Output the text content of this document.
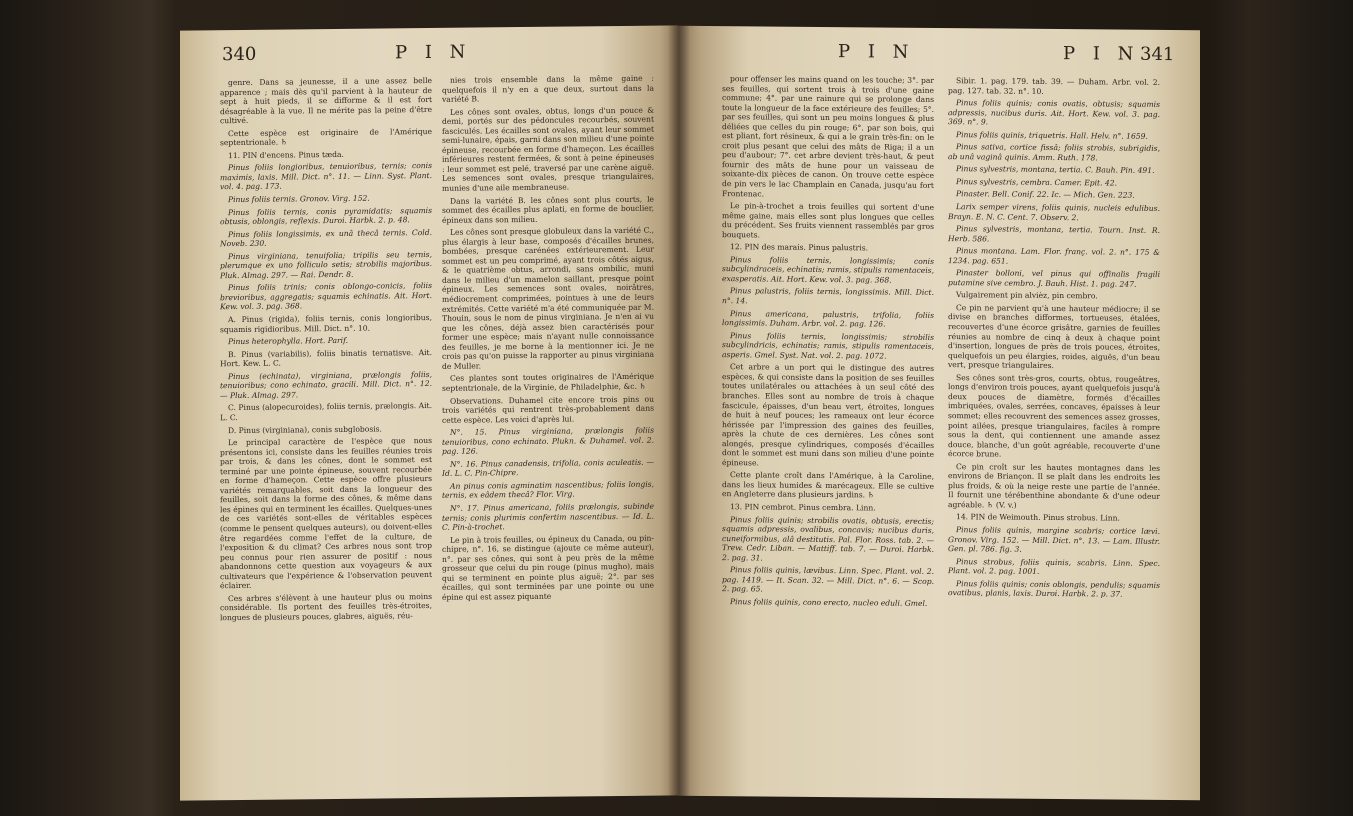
340	P I N

genre. Dans sa jeunesse, il a une assez belle apparence ; mais dès qu'il parvient à la hauteur de sept à huit pieds, il se difforme & il est fort désagréable à la vue. Il ne mérite pas la peine d'être cultivé.

Cette espèce est originaire de l'Amérique septentrionale. ♄

11. PIN d'encens. Pinus tæda.

Pinus foliis longioribus, tenuioribus, ternis; conis maximis, laxis. Mill. Dict. n°. 11. — Linn. Syst. Plant. vol. 4. pag. 173.

Pinus foliis ternis. Gronov. Virg. 152.

Pinus foliis ternis, conis pyramidatis; squamis obtusis, oblongis, reflexis. Duroi. Harbk. 2. p. 48.

Pinus foliis longissimis, ex unâ thecâ ternis. Cold. Noveb. 230.

Pinus virginiana, tenuifolia; tripilis seu ternis, plerumque ex uno folliculo setis; strobilis majoribus. Pluk. Almag. 297. — Rai. Dendr. 8.

Pinus foliis trinis; conis oblongo-conicis, foliis brevioribus, aggregatis; squamis echinatis. Ait. Hort. Kew. vol. 3. pag. 368.

A. Pinus (rigida), foliis ternis, conis longioribus, squamis rigidioribus. Mill. Dict. n°. 10.

Pinus heterophylla. Hort. Parif.

B. Pinus (variabilis), foliis binatis ternatisve. Ait. Hort. Kew. L. C.

Pinus (echinata), virginiana, prælongis foliis, tenuioribus; cono echinato, gracili. Mill. Dict. n°. 12. — Pluk. Almag. 297.

C. Pinus (alopecuroides), foliis ternis, prælongis. Ait. L. C.

D. Pinus (virginiana), conis subglobosis.

Le principal caractère de l'espèce que nous présentons ici, consiste dans les feuilles réunies trois par trois, & dans les cônes, dont le sommet est terminé par une pointe épineuse, souvent recourbée en forme d'hameçon. Cette espèce offre plusieurs variétés remarquables, soit dans la longueur des feuilles, soit dans la forme des cônes, & même dans les épines qui en terminent les écailles. Quelques-unes de ces variétés sont-elles de véritables espèces (comme le pensent quelques auteurs), ou doivent-elles être regardées comme l'effet de la culture, de l'exposition & du climat? Ces arbres nous sont trop peu connus pour rien assurer de positif : nous abandonnons cette question aux voyageurs & aux cultivateurs que l'expérience & l'observation peuvent éclairer.

Ces arbres s'élèvent à une hauteur plus ou moins considérable. Ils portent des feuilles très-étroites, longues de plusieurs pouces, glabres, aiguës, réu-

nies trois ensemble dans la même gaine : quelquefois il n'y en a que deux, surtout dans la variété B.

Les cônes sont ovales, obtus, longs d'un pouce & demi, portés sur des pédoncules recourbés, souvent fasciculés. Les écailles sont ovales, ayant leur sommet semi-lunaire, épais, garni dans son milieu d'une pointe épineuse, recourbée en forme d'hameçon. Les écailles inférieures restent fermées, & sont à peine épineuses : leur sommet est pelé, traversé par une carène aiguë. Les semences sont ovales, presque triangulaires, munies d'une aile membraneuse.

Dans la variété B. les cônes sont plus courts, le sommet des écailles plus aplati, en forme de bouclier, épineux dans son milieu.

Les cônes sont presque globuleux dans la variété C., plus élargis à leur base, composés d'écailles brunes, bombées, presque carénées extérieurement. Leur sommet est un peu comprimé, ayant trois côtés aigus, & le quatrième obtus, arrondi, sans ombilic, muni dans le milieu d'un mamelon saillant, presque point épineux. Les semences sont ovales, noirâtres, médiocrement comprimées, pointues à une de leurs extrémités. Cette variété m'a été communiquée par M. Thouin, sous le nom de pinus virginiana. Je n'en ai vu que les cônes, déjà assez bien caractérisés pour former une espèce; mais n'ayant nulle connoissance des feuilles, je me borne à la mentionner ici. Je ne crois pas qu'on puisse la rapporter au pinus virginiana de Muller.

Ces plantes sont toutes originaires de l'Amérique septentrionale, de la Virginie, de Philadelphie, &c. ♄

Observations. Duhamel cite encore trois pins ou trois variétés qui rentrent très-probablement dans cette espèce. Les voici d'après lui.

N°. 15. Pinus virginiana, prælongis foliis tenuioribus, cono echinato. Plukn. & Duhamel. vol. 2. pag. 126.

N°. 16. Pinus canadensis, trifolia, conis aculeatis. — Id. L. C. Pin-Chipre.

An pinus conis agminatim nascentibus; foliis longis, ternis, ex eâdem thecâ? Flor. Virg.

N°. 17. Pinus americana, foliis prælongis, subinde ternis; conis plurimis confertim nascentibus. — Id. L. C. Pin-à-trochet.

Le pin à trois feuilles, ou épineux du Canada, ou pin-chipre, n°. 16, se distingue (ajoute ce même auteur), n°. par ses cônes, qui sont à peu près de la même grosseur que celui du pin rouge (pinus mugho), mais qui se terminent en pointe plus aiguë; 2°. par ses écailles, qui sont terminées par une pointe ou une épine qui est assez piquante

P I N	P I N 341

pour offenser les mains quand on les touche; 3°. par ses feuilles, qui sortent trois à trois d'une gaine commune; 4°. par une rainure qui se prolonge dans toute la longueur de la face extérieure des feuilles; 5°. par ses feuilles, qui sont un peu moins longues & plus déliées que celles du pin rouge; 6°. par son bois, qui est pliant, fort résineux, & qui a le grain très-fin: on le croit plus pesant que celui des mâts de Riga; il a un peu d'aubour; 7°. cet arbre devient très-haut, & peut fournir des mâts de hune pour un vaisseau de soixante-dix pièces de canon. On trouve cette espèce de pin vers le lac Champlain en Canada, jusqu'au fort Frontenac.

Le pin-à-trochet a trois feuilles qui sortent d'une même gaine, mais elles sont plus longues que celles du précédent. Ses fruits viennent rassemblés par gros bouquets.

12. PIN des marais. Pinus palustris.

Pinus foliis ternis, longissimis; conis subcylindraceis, echinatis; ramis, stipulis ramentaceis, exasperatis. Ait. Hort. Kew. vol. 3. pag. 368.

Pinus palustris, foliis ternis, longissimis. Mill. Dict. n°. 14.

Pinus americana, palustris, trifolia, foliis longissimis. Duham. Arbr. vol. 2. pag. 126.

Pinus foliis ternis, longissimis; strobilis subcylindricis, echinatis; ramis, stipulis ramentaceis, asperis. Gmel. Syst. Nat. vol. 2. pag. 1072.

Cet arbre a un port qui le distingue des autres espèces, & qui consiste dans la position de ses feuilles toutes unilatérales ou attachées à un seul côté des branches. Elles sont au nombre de trois à chaque fascicule, épaisses, d'un beau vert, étroites, longues de huit à neuf pouces; les rameaux ont leur écorce hérissée par l'impression des gaines des feuilles, après la chute de ces dernières. Les cônes sont alongés, presque cylindriques, composés d'écailles dont le sommet est muni dans son milieu d'une pointe épineuse.

Cette plante croît dans l'Amérique, à la Caroline, dans les lieux humides & marécageux. Elle se cultive en Angleterre dans plusieurs jardins. ♄

13. PIN cembrot. Pinus cembra. Linn.

Pinus foliis quinis; strobilis ovatis, obtusis, erectis; squamis adpressis, ovalibus, concavis; nucibus duris, cuneiformibus, alâ destitutis. Pal. Flor. Ross. tab. 2. — Trew. Cedr. Liban. — Mattiff. tab. 7. — Duroi. Harbk. 2. pag. 31.

Pinus foliis quinis, lævibus. Linn. Spec. Plant. vol. 2. pag. 1419. — It. Scan. 32. — Mill. Dict. n°. 6. — Scop. 2. pag. 65.

Pinus foliis quinis, cono erecto, nucleo eduli. Gmel.

Sibir. 1. pag. 179. tab. 39. — Duham. Arbr. vol. 2. pag. 127. tab. 32. n°. 10.

Pinus foliis quinis; conis ovatis, obtusis; squamis adpressis, nucibus duris. Ait. Hort. Kew. vol. 3. pag. 369. n°. 9.

Pinus foliis quinis, triquetris. Hall. Helv. n°. 1659.

Pinus sativa, cortice fissâ; foliis strobis, subrigidis, ab unâ vaginâ quinis. Amm. Ruth. 178.

Pinus sylvestris, montana, tertia. C. Bauh. Pin. 491.

Pinus sylvestris, cembra. Camer. Epit. 42.

Pinaster. Bell. Conif. 22. Ic. — Mich. Gen. 223.

Larix semper virens, foliis quinis, nucleis edulibus. Brayn. E. N. C. Cent. 7. Observ. 2.

Pinus sylvestris, montana, tertia. Tourn. Inst. R. Herb. 586.

Pinus montana. Lam. Flor. franç. vol. 2. n°. 175 & 1234. pag. 651.

Pinaster bolloni, vel pinus qui offinalis fragili putamine sive cembro. J. Bauh. Hist. 1. pag. 247.

Vulgairement pin alvièz, pin cembro.

Ce pin ne parvient qu'à une hauteur médiocre; il se divise en branches difformes, tortueuses, étalées, recouvertes d'une écorce grisâtre, garnies de feuilles réunies au nombre de cinq à deux à chaque point d'insertion, longues de près de trois pouces, étroites, quelquefois un peu élargies, roides, aiguës, d'un beau vert, presque triangulaires.

Ses cônes sont très-gros, courts, obtus, rougeâtres, longs d'environ trois pouces, ayant quelquefois jusqu'à deux pouces de diamètre, formés d'écailles imbriquées, ovales, serrées, concaves, épaisses à leur sommet; elles recouvrent des semences assez grosses, point ailées, presque triangulaires, faciles à rompre sous la dent, qui contiennent une amande assez douce, blanche, d'un goût agréable, recouverte d'une écorce brune.

Ce pin croît sur les hautes montagnes dans les environs de Briançon. Il se plaît dans les endroits les plus froids, & où la neige reste une partie de l'année. Il fournit une térébenthine abondante & d'une odeur agréable. ♄ (V. v.)

14. PIN de Weimouth. Pinus strobus. Linn.

Pinus foliis quinis, margine scabris; cortice lævi. Gronov. Virg. 152. — Mill. Dict. n°. 13. — Lam. Illustr. Gen. pl. 786. fig. 3.

Pinus strobus, foliis quinis, scabris. Linn. Spec. Plant. vol. 2. pag. 1001.

Pinus foliis quinis; conis oblongis, pendulis; squamis ovatibus, planis, laxis. Duroi. Harbk. 2. p. 37.
